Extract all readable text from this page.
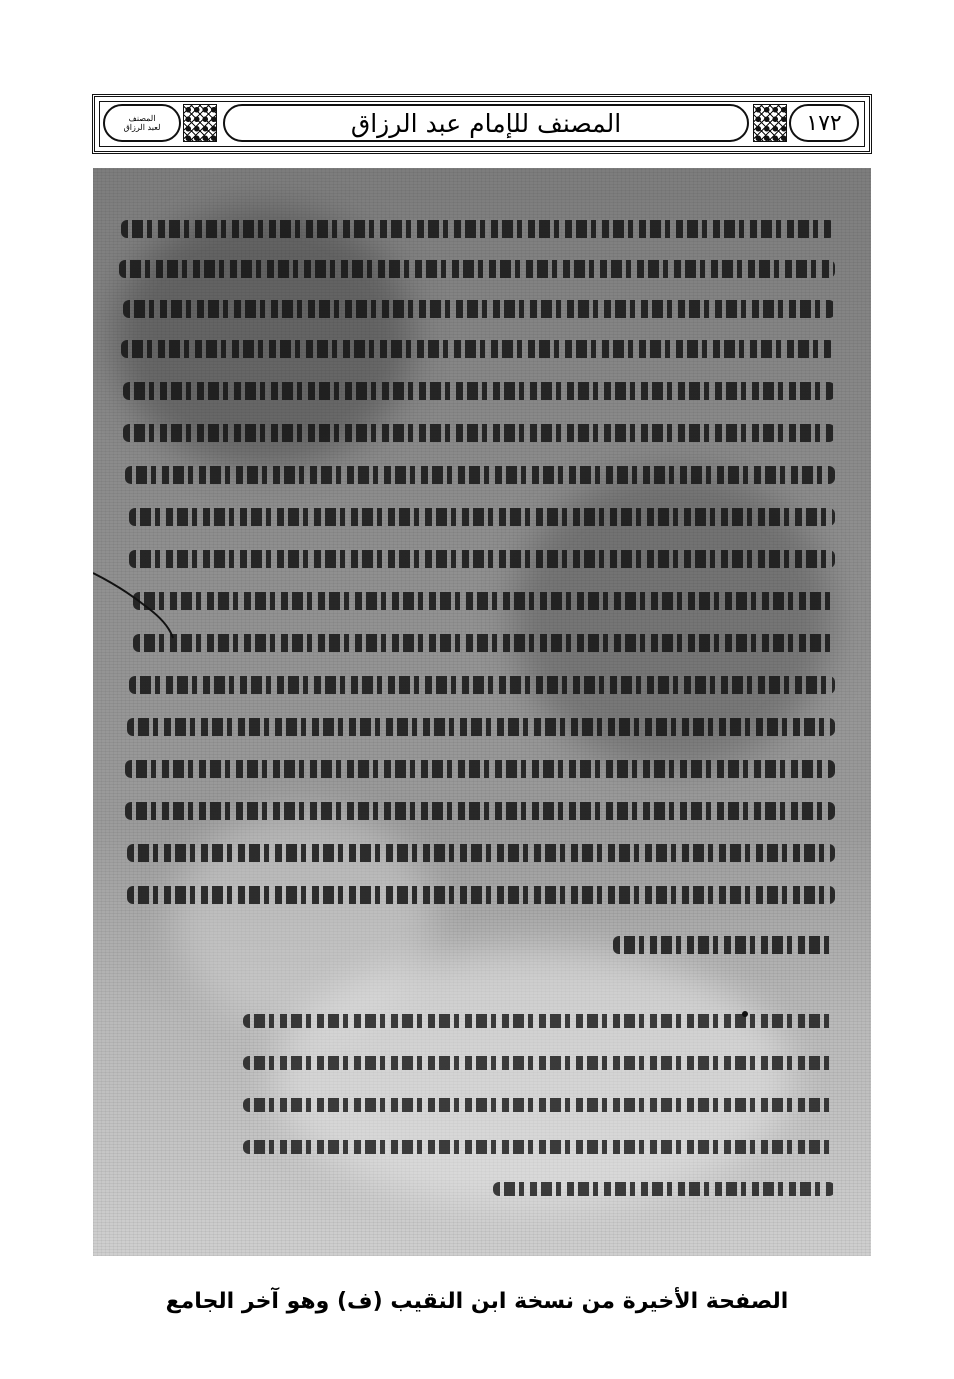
المصنف
لعبد الرزاق	المصنف للإمام عبد الرزاق	١٧٢
الصفحة الأخيرة من نسخة ابن النقيب (ف) وهو آخر الجامع
